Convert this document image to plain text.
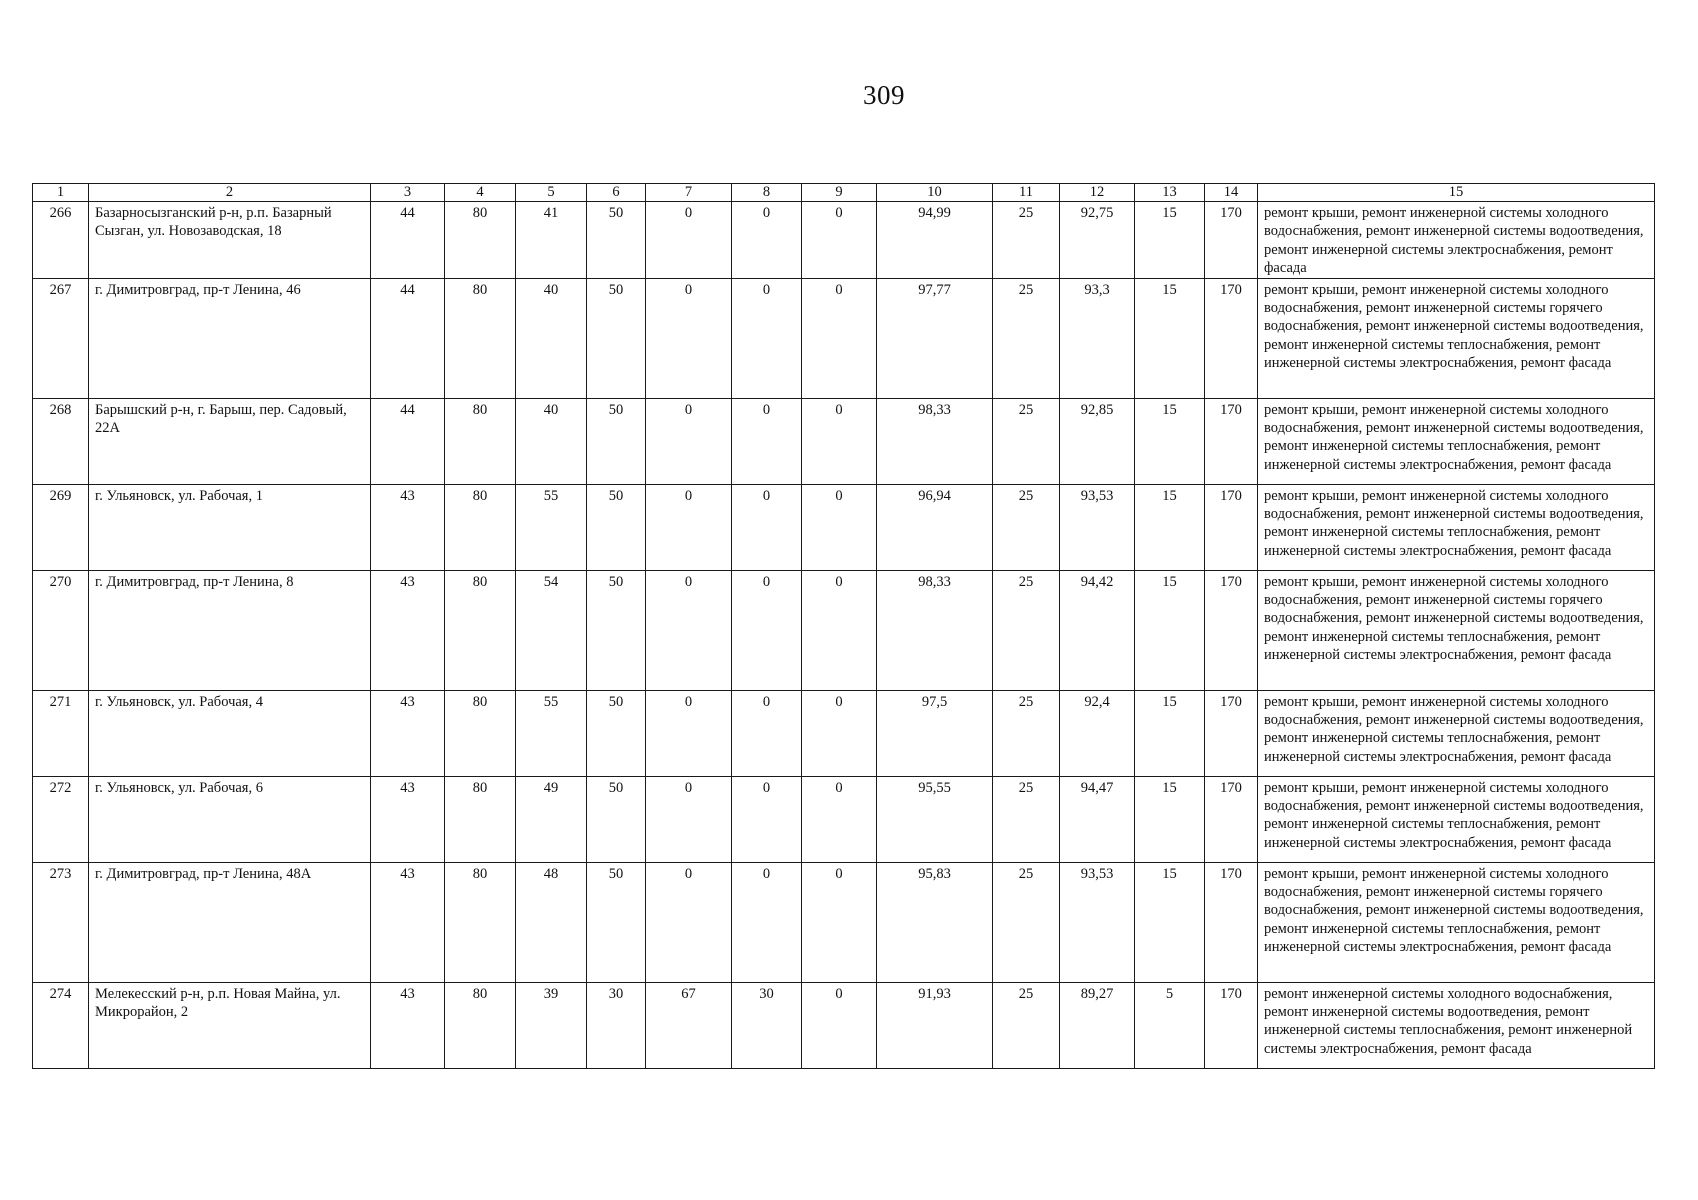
309
1	2	3	4	5	6	7	8	9	10	11	12	13	14	15
266	Базарносызганский р-н, р.п. Базарный Сызган, ул. Новозаводская, 18	44	80	41	50	0	0	0	94,99	25	92,75	15	170	ремонт крыши, ремонт инженерной системы холодного водоснабжения, ремонт инженерной системы водоотведения, ремонт инженерной системы электроснабжения, ремонт фасада
267	г. Димитровград, пр-т Ленина, 46	44	80	40	50	0	0	0	97,77	25	93,3	15	170	ремонт крыши, ремонт инженерной системы холодного водоснабжения, ремонт инженерной системы горячего водоснабжения, ремонт инженерной системы водоотведения, ремонт инженерной системы теплоснабжения, ремонт инженерной системы электроснабжения, ремонт фасада
268	Барышский р-н, г. Барыш, пер. Садовый, 22А	44	80	40	50	0	0	0	98,33	25	92,85	15	170	ремонт крыши, ремонт инженерной системы холодного водоснабжения, ремонт инженерной системы водоотведения, ремонт инженерной системы теплоснабжения, ремонт инженерной системы электроснабжения, ремонт фасада
269	г. Ульяновск, ул. Рабочая, 1	43	80	55	50	0	0	0	96,94	25	93,53	15	170	ремонт крыши, ремонт инженерной системы холодного водоснабжения, ремонт инженерной системы водоотведения, ремонт инженерной системы теплоснабжения, ремонт инженерной системы электроснабжения, ремонт фасада
270	г. Димитровград, пр-т Ленина, 8	43	80	54	50	0	0	0	98,33	25	94,42	15	170	ремонт крыши, ремонт инженерной системы холодного водоснабжения, ремонт инженерной системы горячего водоснабжения, ремонт инженерной системы водоотведения, ремонт инженерной системы теплоснабжения, ремонт инженерной системы электроснабжения, ремонт фасада
271	г. Ульяновск, ул. Рабочая, 4	43	80	55	50	0	0	0	97,5	25	92,4	15	170	ремонт крыши, ремонт инженерной системы холодного водоснабжения, ремонт инженерной системы водоотведения, ремонт инженерной системы теплоснабжения, ремонт инженерной системы электроснабжения, ремонт фасада
272	г. Ульяновск, ул. Рабочая, 6	43	80	49	50	0	0	0	95,55	25	94,47	15	170	ремонт крыши, ремонт инженерной системы холодного водоснабжения, ремонт инженерной системы водоотведения, ремонт инженерной системы теплоснабжения, ремонт инженерной системы электроснабжения, ремонт фасада
273	г. Димитровград, пр-т Ленина, 48А	43	80	48	50	0	0	0	95,83	25	93,53	15	170	ремонт крыши, ремонт инженерной системы холодного водоснабжения, ремонт инженерной системы горячего водоснабжения, ремонт инженерной системы водоотведения, ремонт инженерной системы теплоснабжения, ремонт инженерной системы электроснабжения, ремонт фасада
274	Мелекесский р-н, р.п. Новая Майна, ул. Микрорайон, 2	43	80	39	30	67	30	0	91,93	25	89,27	5	170	ремонт инженерной системы холодного водоснабжения, ремонт инженерной системы водоотведения, ремонт инженерной системы теплоснабжения, ремонт инженерной системы электроснабжения, ремонт фасада
